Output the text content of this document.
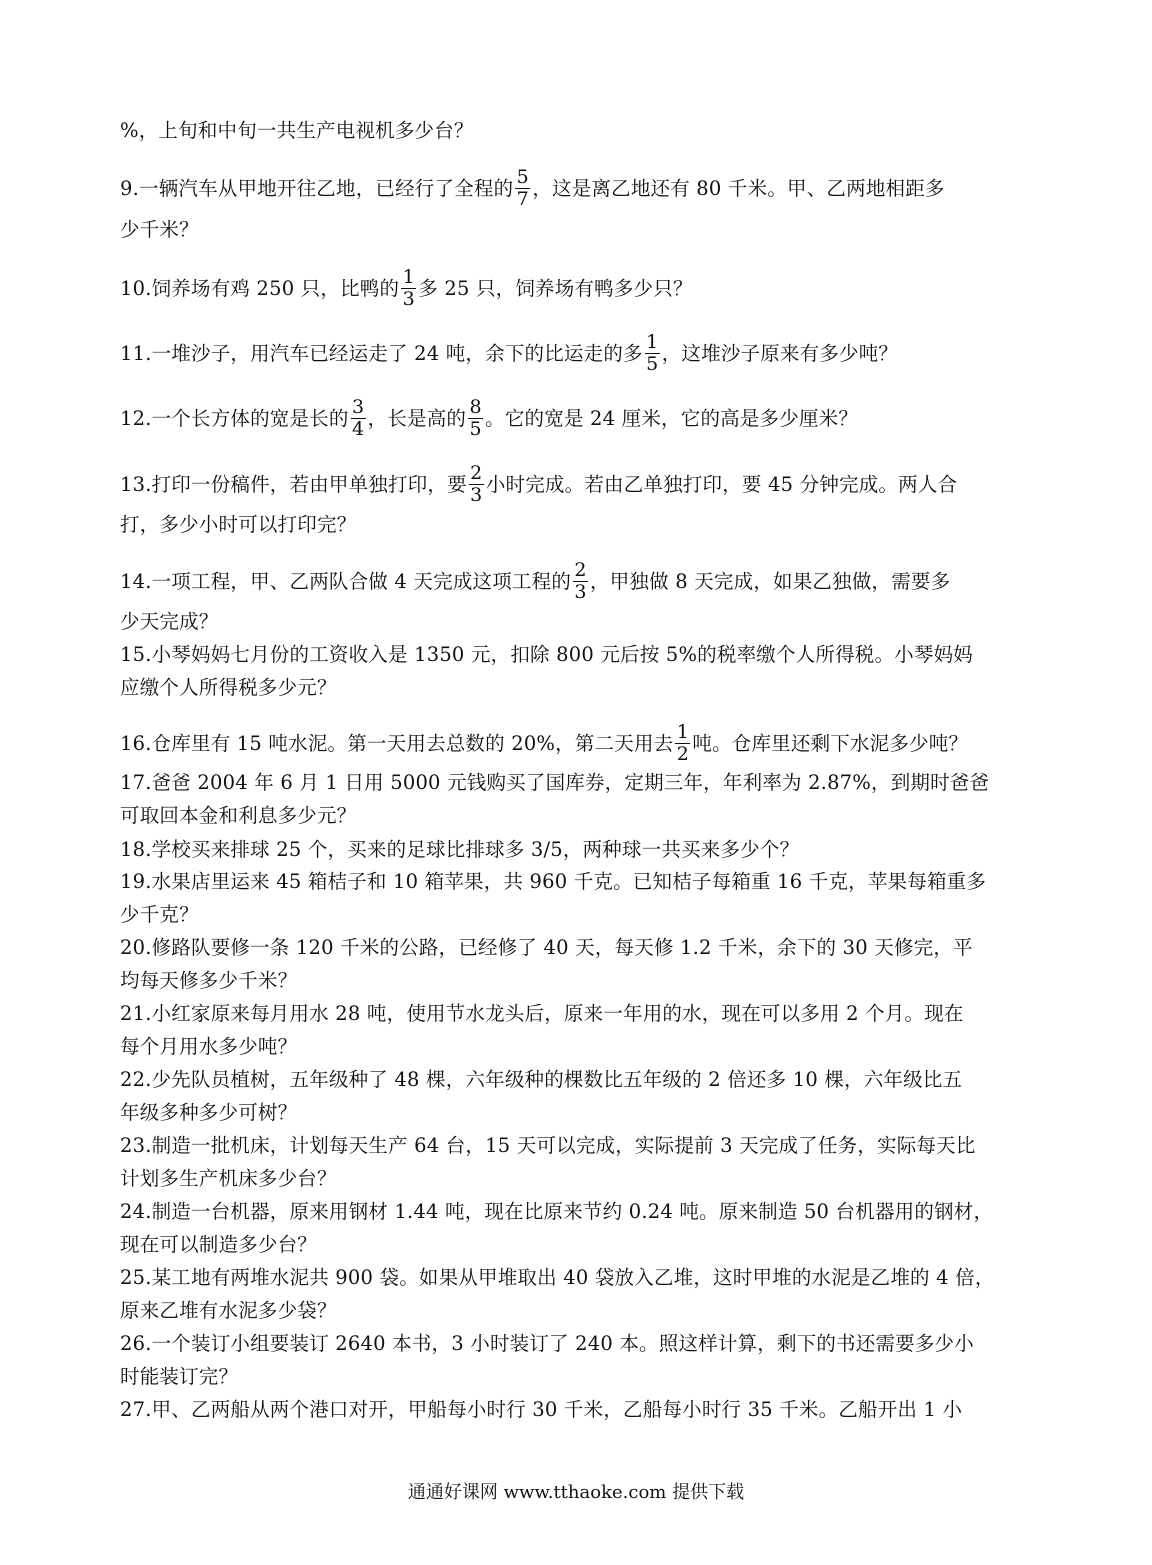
%，上旬和中旬一共生产电视机多少台？
9.一辆汽车从甲地开往乙地，已经行了全程的 $\frac{5}{7}$ ，这是离乙地还有 80 千米。甲、乙两地相距多
少千米？
10.饲养场有鸡 250 只，比鸭的 $\frac{1}{3}$ 多 25 只，饲养场有鸭多少只？
11.一堆沙子，用汽车已经运走了 24 吨，余下的比运走的多 $\frac{1}{5}$ ，这堆沙子原来有多少吨？
12.一个长方体的宽是长的 $\frac{3}{4}$ ，长是高的 $\frac{8}{5}$ 。它的宽是 24 厘米，它的高是多少厘米？
13.打印一份稿件，若由甲单独打印，要 $\frac{2}{3}$ 小时完成。若由乙单独打印，要 45 分钟完成。两人合
打，多少小时可以打印完？
14.一项工程，甲、乙两队合做 4 天完成这项工程的 $\frac{2}{3}$ ，甲独做 8 天完成，如果乙独做，需要多
少天完成？
15.小琴妈妈七月份的工资收入是 1350 元，扣除 800 元后按 5%的税率缴个人所得税。小琴妈妈
应缴个人所得税多少元？
16.仓库里有 15 吨水泥。第一天用去总数的 20%，第二天用去 $\frac{1}{2}$ 吨。仓库里还剩下水泥多少吨？
17.爸爸 2004 年 6 月 1 日用 5000 元钱购买了国库券，定期三年，年利率为 2.87%，到期时爸爸
可取回本金和利息多少元？
18.学校买来排球 25 个，买来的足球比排球多 3/5，两种球一共买来多少个？
19.水果店里运来 45 箱桔子和 10 箱苹果，共 960 千克。已知桔子每箱重 16 千克，苹果每箱重多
少千克？
20.修路队要修一条 120 千米的公路，已经修了 40 天，每天修 1.2 千米，余下的 30 天修完，平
均每天修多少千米？
21.小红家原来每月用水 28 吨，使用节水龙头后，原来一年用的水，现在可以多用 2 个月。现在
每个月用水多少吨？
22.少先队员植树，五年级种了 48 棵，六年级种的棵数比五年级的 2 倍还多 10 棵，六年级比五
年级多种多少可树？
23.制造一批机床，计划每天生产 64 台，15 天可以完成，实际提前 3 天完成了任务，实际每天比
计划多生产机床多少台？
24.制造一台机器，原来用钢材 1.44 吨，现在比原来节约 0.24 吨。原来制造 50 台机器用的钢材，
现在可以制造多少台？
25.某工地有两堆水泥共 900 袋。如果从甲堆取出 40 袋放入乙堆，这时甲堆的水泥是乙堆的 4 倍，
原来乙堆有水泥多少袋？
26.一个装订小组要装订 2640 本书，3 小时装订了 240 本。照这样计算，剩下的书还需要多少小
时能装订完？
27.甲、乙两船从两个港口对开，甲船每小时行 30 千米，乙船每小时行 35 千米。乙船开出 1 小
通通好课网 www.tthaoke.com 提供下载
